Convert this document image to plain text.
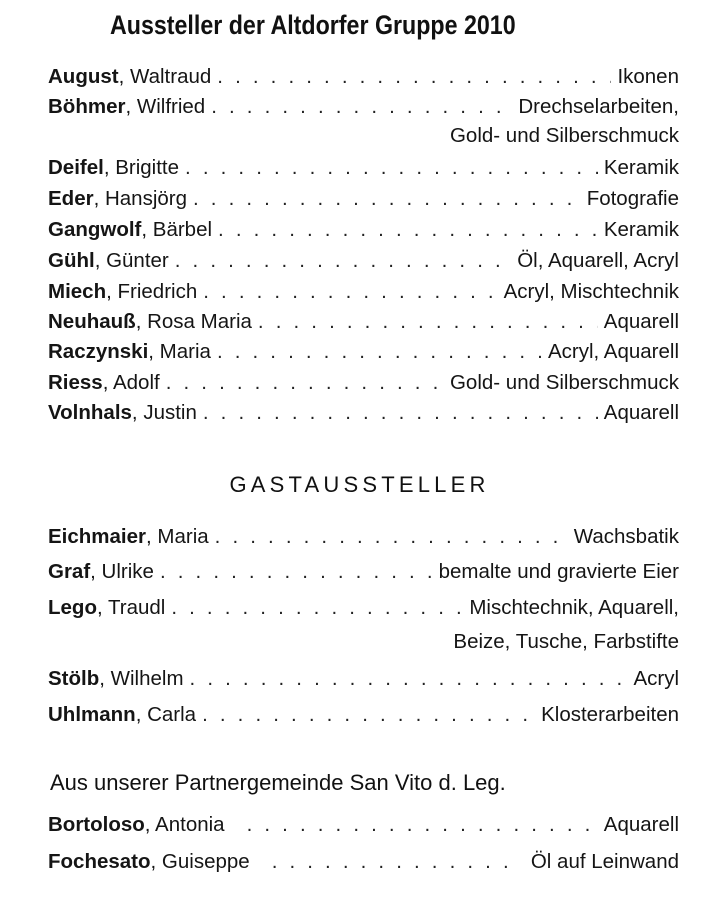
Aussteller der Altdorfer Gruppe 2010
August , Waltraud . . .	Ikonen
Böhmer , Wilfried . . .	Drechselarbeiten,
Gold- und Silberschmuck
Deifel , Brigitte . . .	Keramik
Eder , Hansjörg . . .	Fotografie
Gangwolf , Bärbel . . .	Keramik
Gühl , Günter . . .	Öl, Aquarell, Acryl
Miech , Friedrich . . .	Acryl, Mischtechnik
Neuhauß , Rosa Maria . . .	Aquarell
Raczynski , Maria . . .	Acryl, Aquarell
Riess , Adolf . . .	Gold- und Silberschmuck
Volnhals , Justin . . .	Aquarell
GASTAUSSTELLER
Eichmaier , Maria . . .	Wachsbatik
Graf , Ulrike . . .	bemalte und gravierte Eier
Lego , Traudl . . .	Mischtechnik, Aquarell,
Beize, Tusche, Farbstifte
Stölb , Wilhelm . . .	Acryl
Uhlmann , Carla . . .	Klosterarbeiten
Aus unserer Partnergemeinde San Vito d. Leg.
Bortoloso , Antonia . . .	Aquarell
Fochesato , Guiseppe . . .	Öl auf Leinwand
